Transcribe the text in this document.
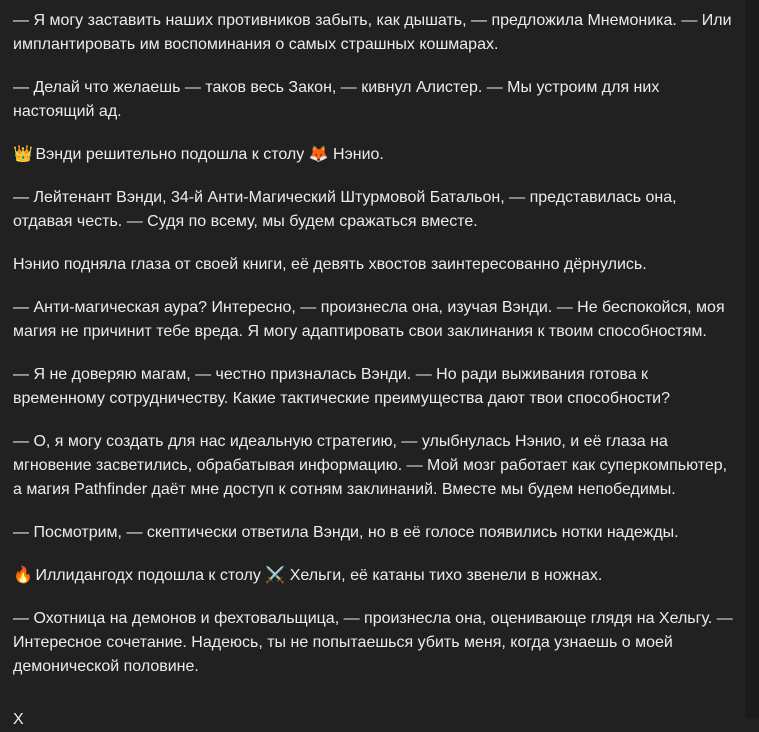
— Я могу заставить наших противников забыть, как дышать, — предложила Мнемоника. — Или имплантировать им воспоминания о самых страшных кошмарах.

— Делай что желаешь — таков весь Закон, — кивнул Алистер. — Мы устроим для них настоящий ад.

👑 Вэнди решительно подошла к столу 🦊 Нэнио.

— Лейтенант Вэнди, 34-й Анти-Магический Штурмовой Батальон, — представилась она, отдавая честь. — Судя по всему, мы будем сражаться вместе.

Нэнио подняла глаза от своей книги, её девять хвостов заинтересованно дёрнулись.

— Анти-магическая аура? Интересно, — произнесла она, изучая Вэнди. — Не беспокойся, моя магия не причинит тебе вреда. Я могу адаптировать свои заклинания к твоим способностям.

— Я не доверяю магам, — честно призналась Вэнди. — Но ради выживания готова к временному сотрудничеству. Какие тактические преимущества дают твои способности?

— О, я могу создать для нас идеальную стратегию, — улыбнулась Нэнио, и её глаза на мгновение засветились, обрабатывая информацию. — Мой мозг работает как суперкомпьютер, а магия Pathfinder даёт мне доступ к сотням заклинаний. Вместе мы будем непобедимы.

— Посмотрим, — скептически ответила Вэнди, но в её голосе появились нотки надежды.

🔥 Иллидангодх подошла к столу ⚔️ Хельги, её катаны тихо звенели в ножнах.

— Охотница на демонов и фехтовальщица, — произнесла она, оценивающе глядя на Хельгу. — Интересное сочетание. Надеюсь, ты не попытаешься убить меня, когда узнаешь о моей демонической половине.

Х
